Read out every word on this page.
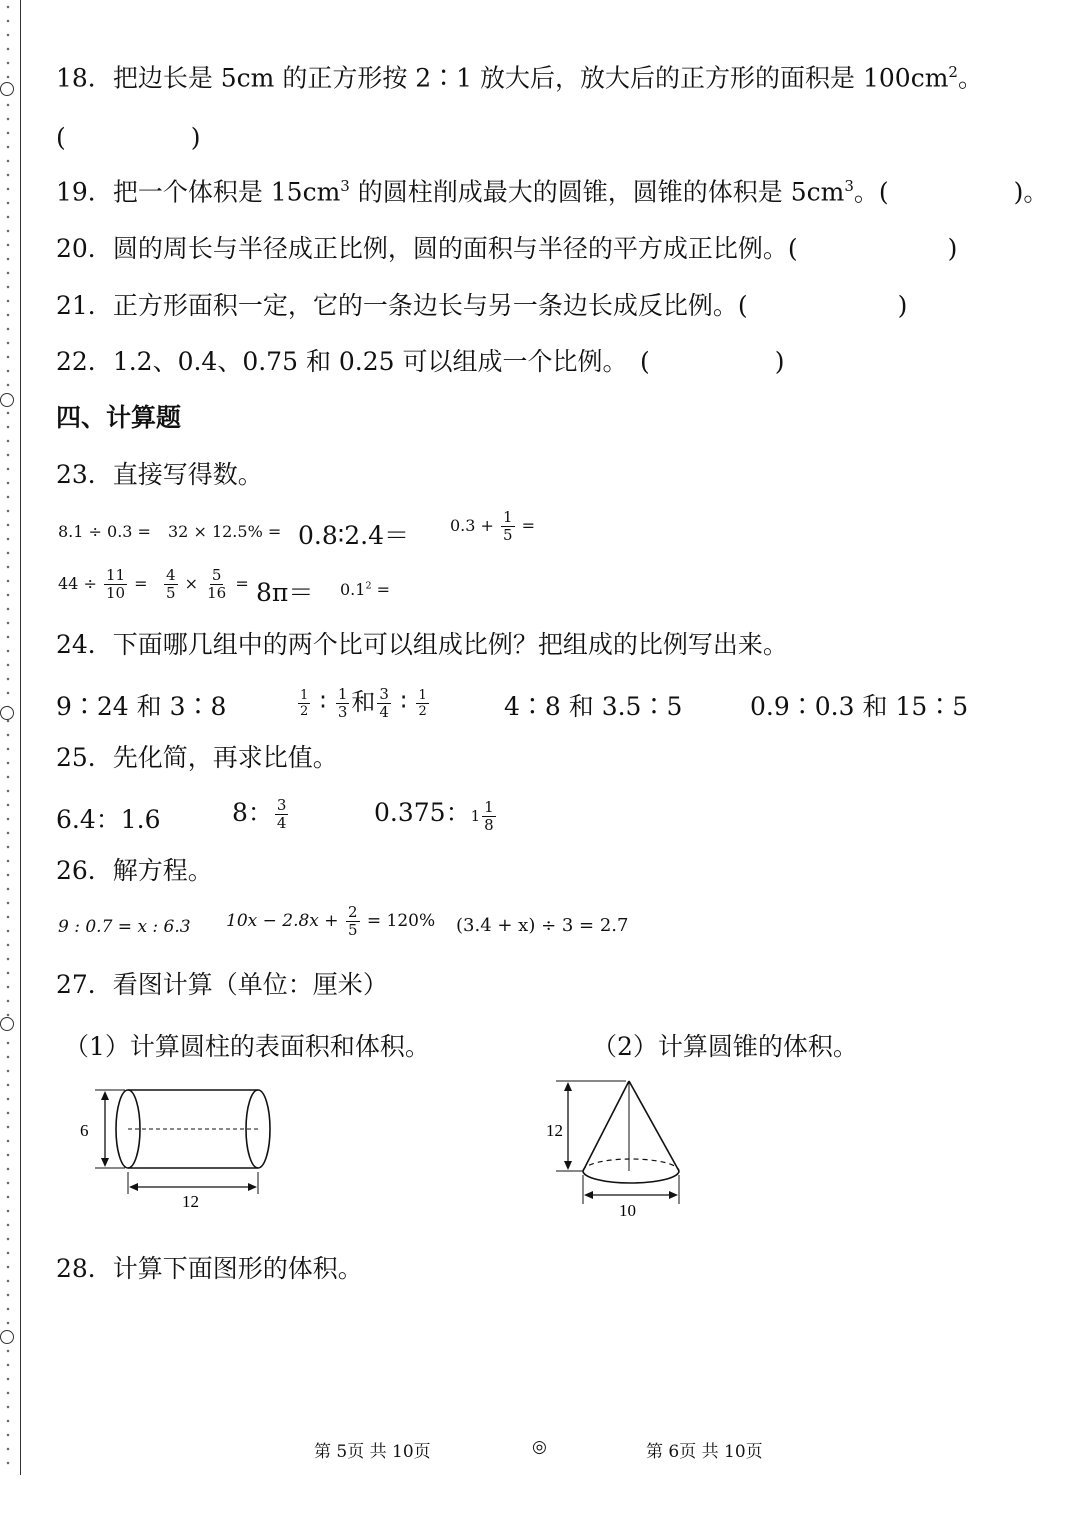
18．把边长是 5cm 的正方形按 2∶1 放大后，放大后的正方形的面积是 $100cm^2$。
(　　　　　)
19．把一个体积是 $15cm^3$ 的圆柱削成最大的圆锥，圆锥的体积是 $5cm^3$。(　　　　　)。
20．圆的周长与半径成正比例，圆的面积与半径的平方成正比例。(　　　　　　)
21．正方形面积一定，它的一条边长与另一条边长成反比例。(　　　　　　)
22．1.2、0.4、0.75 和 0.25 可以组成一个比例。　(　　　　　)
四、计算题
23．直接写得数。
8.1 ÷ 0.3 = 32 × 12.5% = 0.8∶2.4＝	$0.3 + \frac{1}{5}$ =
$44 \div \frac{11}{10} = \frac{4}{5} \times \frac{5}{16} = 8\pi= 0.1^2$ =
24．下面哪几组中的两个比可以组成比例？把组成的比例写出来。
9∶24 和 3∶8	$\frac{1}{2}$ ∶ $\frac{1}{3}$ 和 $\frac{3}{4}$ ∶ $\frac{1}{2}$	4∶8 和 3.5∶5	0.9∶0.3 和 15∶5
25．先化简，再求比值。
6.4：1.6	8： $\frac{3}{4}$	0.375： $1 \frac{1}{8}$
26．解方程。
9 : 0.7 = x : 6.3 $10x - 2.8x + \frac{2}{5} = 120\%$ (3.4 + x) ÷ 3 = 2.7
27．看图计算（单位：厘米）
（1）计算圆柱的表面积和体积。	（2）计算圆锥的体积。
6
12
12
10
28．计算下面图形的体积。
第 5页 共 10页	◎	第 6页 共 10页
